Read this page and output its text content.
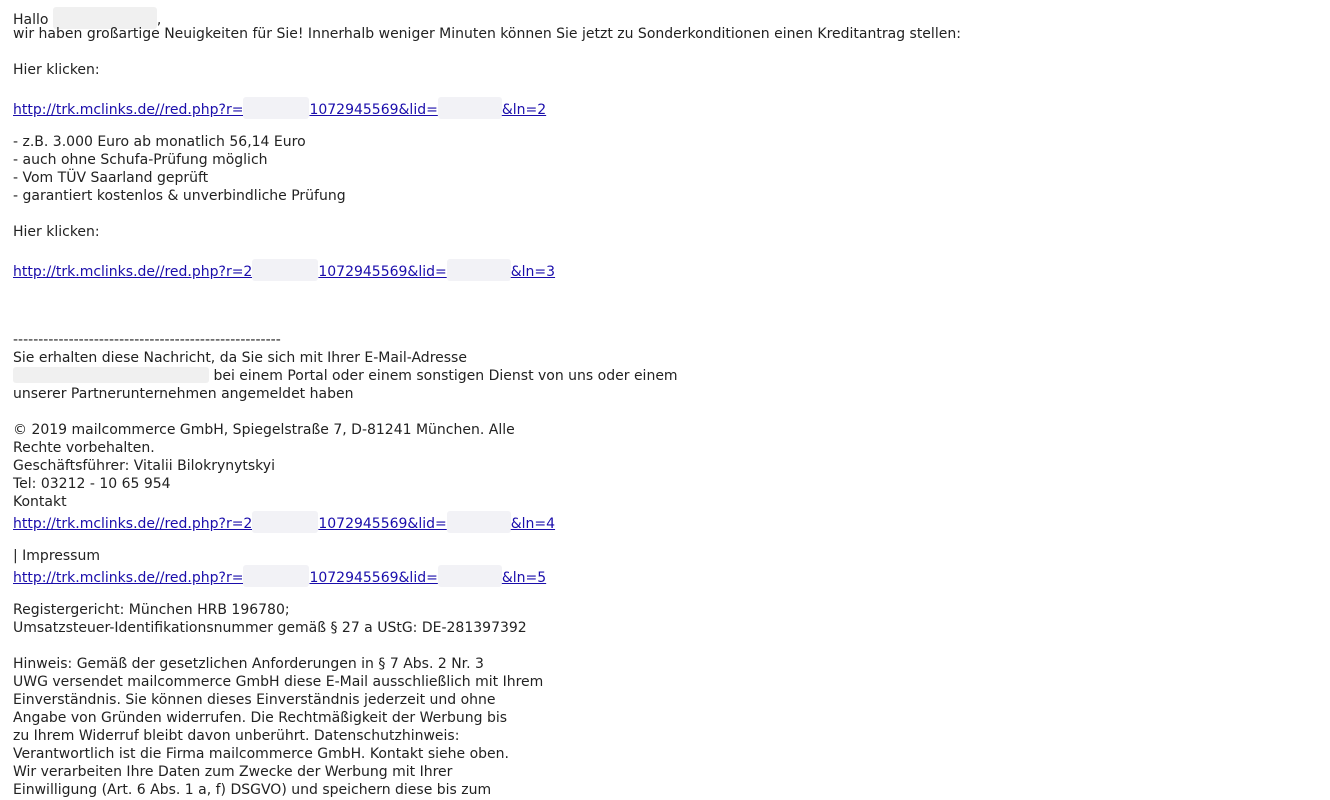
Hallo	,
wir haben großartige Neuigkeiten für Sie! Innerhalb weniger Minuten können Sie jetzt zu Sonderkonditionen einen Kreditantrag stellen:
Hier klicken:
http://trk.mclinks.de//red.php?r=	1072945569&lid=	&ln=2
- z.B. 3.000 Euro ab monatlich 56,14 Euro
- auch ohne Schufa-Prüfung möglich
- Vom TÜV Saarland geprüft
- garantiert kostenlos & unverbindliche Prüfung
Hier klicken:
http://trk.mclinks.de//red.php?r=2	1072945569&lid=	&ln=3
-----------------------------------------------------
Sie erhalten diese Nachricht, da Sie sich mit Ihrer E-Mail-Adresse
bei einem Portal oder einem sonstigen Dienst von uns oder einem
unserer Partnerunternehmen angemeldet haben
© 2019 mailcommerce GmbH, Spiegelstraße 7, D-81241 München. Alle
Rechte vorbehalten.
Geschäftsführer: Vitalii Bilokrynytskyi
Tel: 03212 - 10 65 954
Kontakt
http://trk.mclinks.de//red.php?r=2	1072945569&lid=	&ln=4
| Impressum
http://trk.mclinks.de//red.php?r=	1072945569&lid=	&ln=5
Registergericht: München HRB 196780;
Umsatzsteuer-Identifikationsnummer gemäß § 27 a UStG: DE-281397392
Hinweis: Gemäß der gesetzlichen Anforderungen in § 7 Abs. 2 Nr. 3
UWG versendet mailcommerce GmbH diese E-Mail ausschließlich mit Ihrem
Einverständnis. Sie können dieses Einverständnis jederzeit und ohne
Angabe von Gründen widerrufen. Die Rechtmäßigkeit der Werbung bis
zu Ihrem Widerruf bleibt davon unberührt. Datenschutzhinweis:
Verantwortlich ist die Firma mailcommerce GmbH. Kontakt siehe oben.
Wir verarbeiten Ihre Daten zum Zwecke der Werbung mit Ihrer
Einwilligung (Art. 6 Abs. 1 a, f) DSGVO) und speichern diese bis zum
